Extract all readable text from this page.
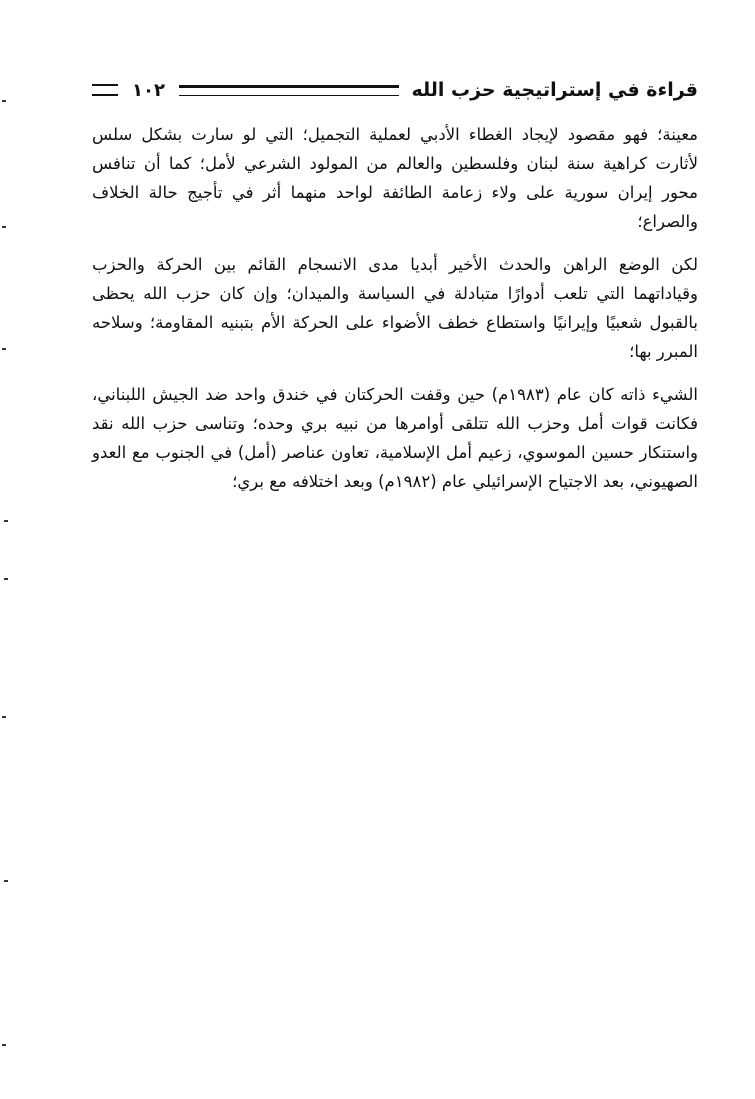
قراءة في إستراتيجية حزب الله
١٠٢

معينة؛ فهو مقصود لإيجاد الغطاء الأدبي لعملية التجميل؛ التي لو سارت بشكل سلس لأثارت كراهية سنة لبنان وفلسطين والعالم من المولود الشرعي لأمل؛ كما أن تنافس محور إيران سورية على ولاء زعامة الطائفة لواحد منهما أثر في تأجيج حالة الخلاف والصراع؛

لكن الوضع الراهن والحدث الأخير أبديا مدى الانسجام القائم بين الحركة والحزب وقياداتهما التي تلعب أدوارًا متبادلة في السياسة والميدان؛ وإن كان حزب الله يحظى بالقبول شعبيًا وإيرانيًا واستطاع خطف الأضواء على الحركة الأم بتبنيه المقاومة؛ وسلاحه المبرر بها؛

الشيء ذاته كان عام (١٩٨٣م) حين وقفت الحركتان في خندق واحد ضد الجيش اللبناني، فكانت قوات أمل وحزب الله تتلقى أوامرها من نبيه بري وحده؛ وتناسى حزب الله نقد واستنكار حسين الموسوي، زعيم أمل الإسلامية، تعاون عناصر (أمل) في الجنوب مع العدو الصهيوني، بعد الاجتياح الإسرائيلي عام (١٩٨٢م) وبعد اختلافه مع بري؛
